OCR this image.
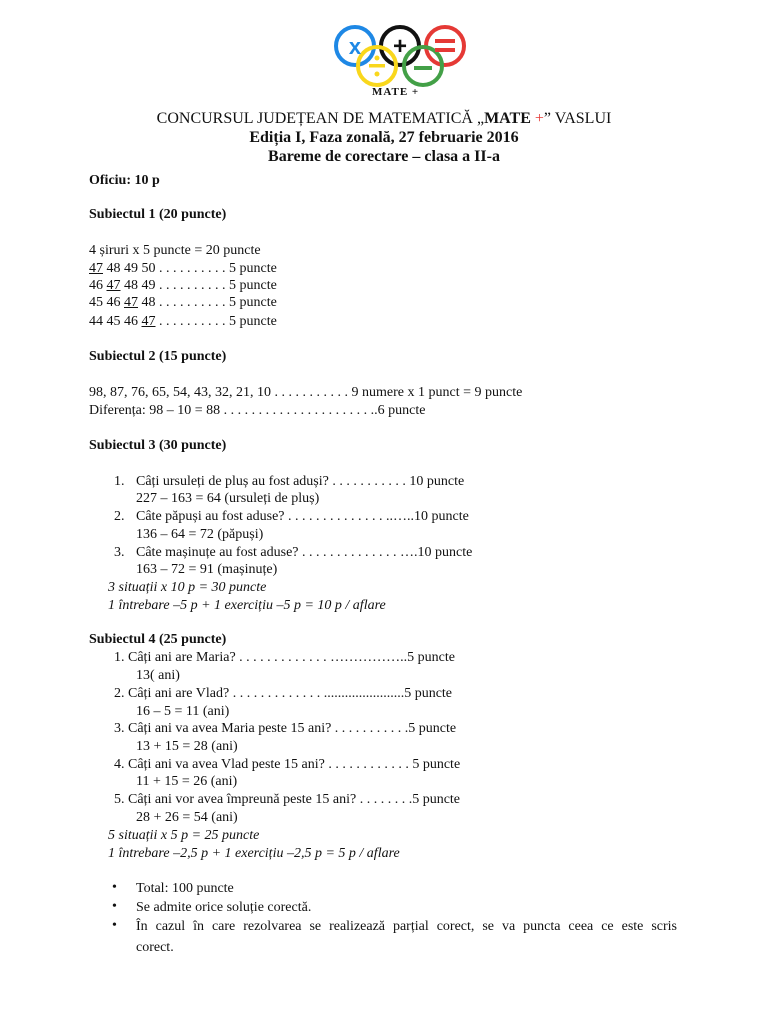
x +
MATE +
CONCURSUL JUDEȚEAN DE MATEMATICĂ „MATE +” VASLUI
Ediția I, Faza zonală, 27 februarie 2016
Bareme de corectare – clasa a II-a
Oficiu: 10 p
Subiectul 1 (20 puncte)
4 șiruri x 5 puncte = 20 puncte
47 48 49 50 . . . . . . . . . . 5 puncte
46 47 48 49 . . . . . . . . . . 5 puncte
45 46 47 48 . . . . . . . . . . 5 puncte
44 45 46 47 . . . . . . . . . . 5 puncte
Subiectul 2 (15 puncte)
98, 87, 76, 65, 54, 43, 32, 21, 10 . . . . . . . . . . . 9 numere x 1 punct = 9 puncte
Diferența: 98 – 10 = 88 . . . . . . . . . . . . . . . . . . . . . ..6 puncte
Subiectul 3 (30 puncte)
1. Câți ursuleți de pluș au fost aduși? . . . . . . . . . . . 10 puncte
227 – 163 = 64 (ursuleți de pluș)
2. Câte păpuși au fost aduse? . . . . . . . . . . . . . . ..…..10 puncte
136 – 64 = 72 (păpuși)
3. Câte mașinuțe au fost aduse? . . . . . . . . . . . . . . ….10 puncte
163 – 72 = 91 (mașinuțe)
3 situații x 10 p = 30 puncte
1 întrebare –5 p + 1 exercițiu –5 p = 10 p / aflare
Subiectul 4 (25 puncte)
1. Câți ani are Maria? . . . . . . . . . . . . . ……………..5 puncte
13( ani)
2. Câți ani are Vlad? . . . . . . . . . . . . . .......................5 puncte
16 – 5 = 11 (ani)
3. Câți ani va avea Maria peste 15 ani? . . . . . . . . . . .5 puncte
13 + 15 = 28 (ani)
4. Câți ani va avea Vlad peste 15 ani? . . . . . . . . . . . . 5 puncte
11 + 15 = 26 (ani)
5. Câți ani vor avea împreună peste 15 ani? . . . . . . . .5 puncte
28 + 26 = 54 (ani)
5 situații x 5 p = 25 puncte
1 întrebare –2,5 p + 1 exercițiu –2,5 p = 5 p / aflare
• Total: 100 puncte
• Se admite orice soluție corectă.
• În cazul în care rezolvarea se realizează parțial corect, se va puncta ceea ce este scris
corect.
